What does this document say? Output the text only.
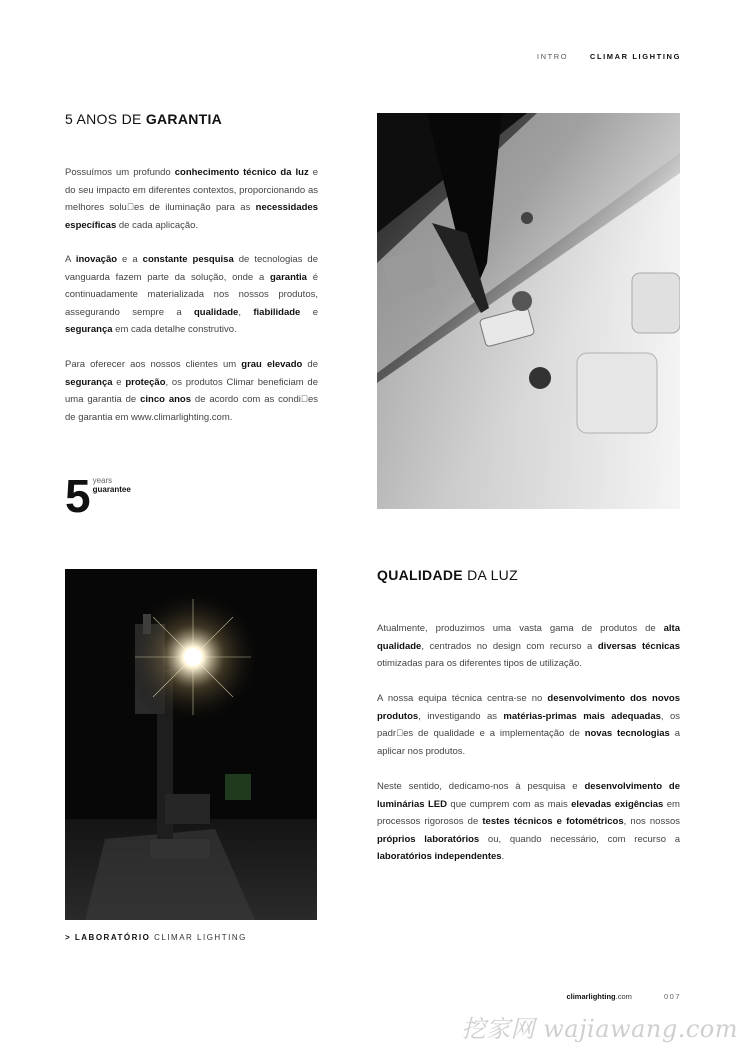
INTRO	CLIMAR LIGHTING
5 ANOS DE GARANTIA

Possuímos um profundo conhecimento técnico da luz e do seu impacto em diferentes contextos, proporcionando as melhores solu es de iluminação para as necessidades específicas de cada aplicação.

A inovação e a constante pesquisa de tecnologias de vanguarda fazem parte da solução, onde a garantia é continuadamente materializada nos nossos produtos, assegurando sempre a qualidade, fiabilidade e segurança em cada detalhe construtivo.

Para oferecer aos nossos clientes um grau elevado de segurança e proteção, os produtos Climar beneficiam de uma garantia de cinco anos de acordo com as condi es de garantia em www.climarlighting.com.

5 years
guarantee
QUALIDADE DA LUZ

Atualmente, produzimos uma vasta gama de produtos de alta qualidade, centrados no design com recurso a diversas técnicas otimizadas para os diferentes tipos de utilização.

A nossa equipa técnica centra-se no desenvolvimento dos novos produtos, investigando as matérias-primas mais adequadas, os padr es de qualidade e a implementação de novas tecnologias a aplicar nos produtos.

Neste sentido, dedicamo-nos à pesquisa e desenvolvimento de luminárias LED que cumprem com as mais elevadas exigências em processos rigorosos de testes técnicos e fotométricos, nos nossos próprios laboratórios ou, quando necessário, com recurso a laboratórios independentes.

> LABORATÓRIO CLIMAR LIGHTING
climarlighting.com	007
挖家网 wajiawang.com
